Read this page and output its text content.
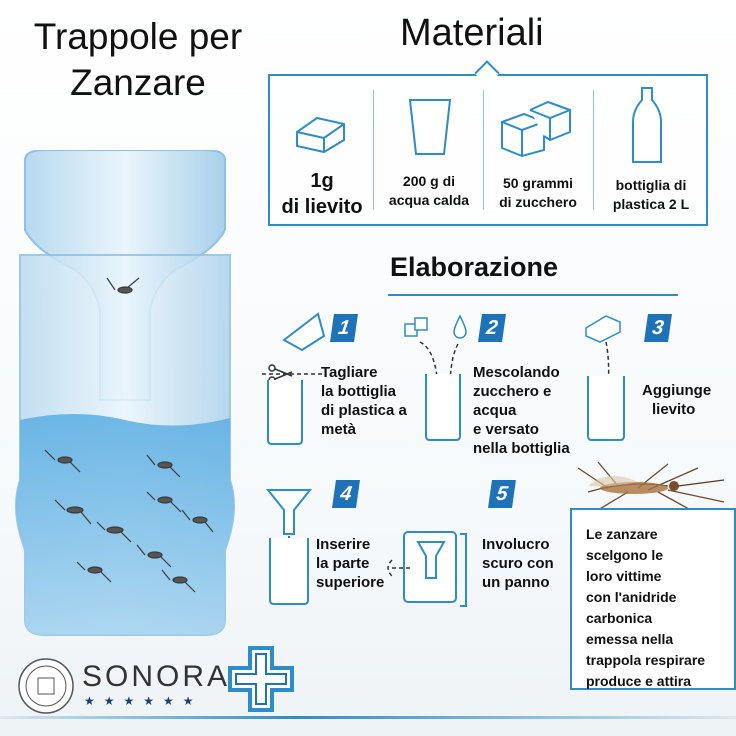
Trappole per
Zanzare
Materiali
1g
di lievito
200 g di
acqua calda
50 grammi
di zucchero
bottiglia di
plastica 2 L
Elaborazione
1
Tagliare
la bottiglia
di plastica a
metà
2
Mescolando
zucchero e
acqua
e versato
nella bottiglia
3
Aggiunge
lievito
4
Inserire
la parte
superiore
5
Involucro
scuro con
un panno
Le zanzare
scelgono le
loro vittime
con l'anidride
carbonica
emessa nella
trappola respirare
produce e attira
SONORA
★★★★★★
